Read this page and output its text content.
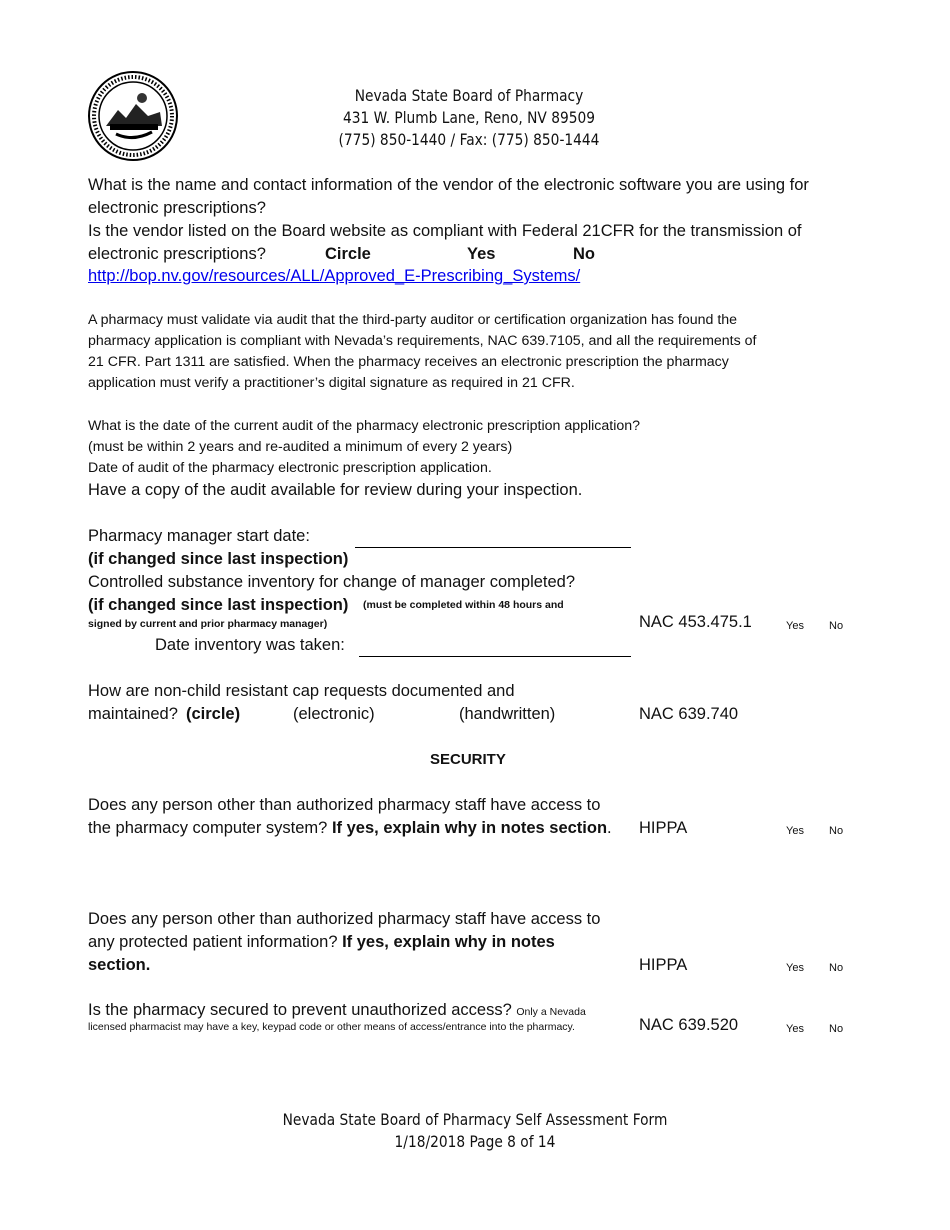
Nevada State Board of Pharmacy
431 W. Plumb Lane, Reno, NV 89509
(775) 850-1440 / Fax: (775) 850-1444
What is the name and contact information of the vendor of the electronic software you are using for
electronic prescriptions?
Is the vendor listed on the Board website as compliant with Federal 21CFR for the transmission of
electronic prescriptions?	Circle	Yes	No
http://bop.nv.gov/resources/ALL/Approved_E-Prescribing_Systems/
A pharmacy must validate via audit that the third-party auditor or certification organization has found the
pharmacy application is compliant with Nevada’s requirements, NAC 639.7105, and all the requirements of
21 CFR. Part 1311 are satisfied. When the pharmacy receives an electronic prescription the pharmacy
application must verify a practitioner’s digital signature as required in 21 CFR.
What is the date of the current audit of the pharmacy electronic prescription application?
(must be within 2 years and re-audited a minimum of every 2 years)
Date of audit of the pharmacy electronic prescription application.
Have a copy of the audit available for review during your inspection.
Pharmacy manager start date:
(if changed since last inspection)
Controlled substance inventory for change of manager completed?
(if changed since last inspection) (must be completed within 48 hours and
signed by current and prior pharmacy manager)	NAC 453.475.1	Yes No
Date inventory was taken:
How are non-child resistant cap requests documented and
maintained? (circle)	(electronic)	(handwritten)	NAC 639.740
SECURITY
Does any person other than authorized pharmacy staff have access to
the pharmacy computer system? If yes, explain why in notes section. HIPPA	Yes No
Does any person other than authorized pharmacy staff have access to
any protected patient information? If yes, explain why in notes
section.	HIPPA	Yes No
Is the pharmacy secured to prevent unauthorized access? Only a Nevada
licensed pharmacist may have a key, keypad code or other means of access/entrance into the pharmacy.	NAC 639.520	Yes No
Nevada State Board of Pharmacy Self Assessment Form
1/18/2018 Page 8 of 14
